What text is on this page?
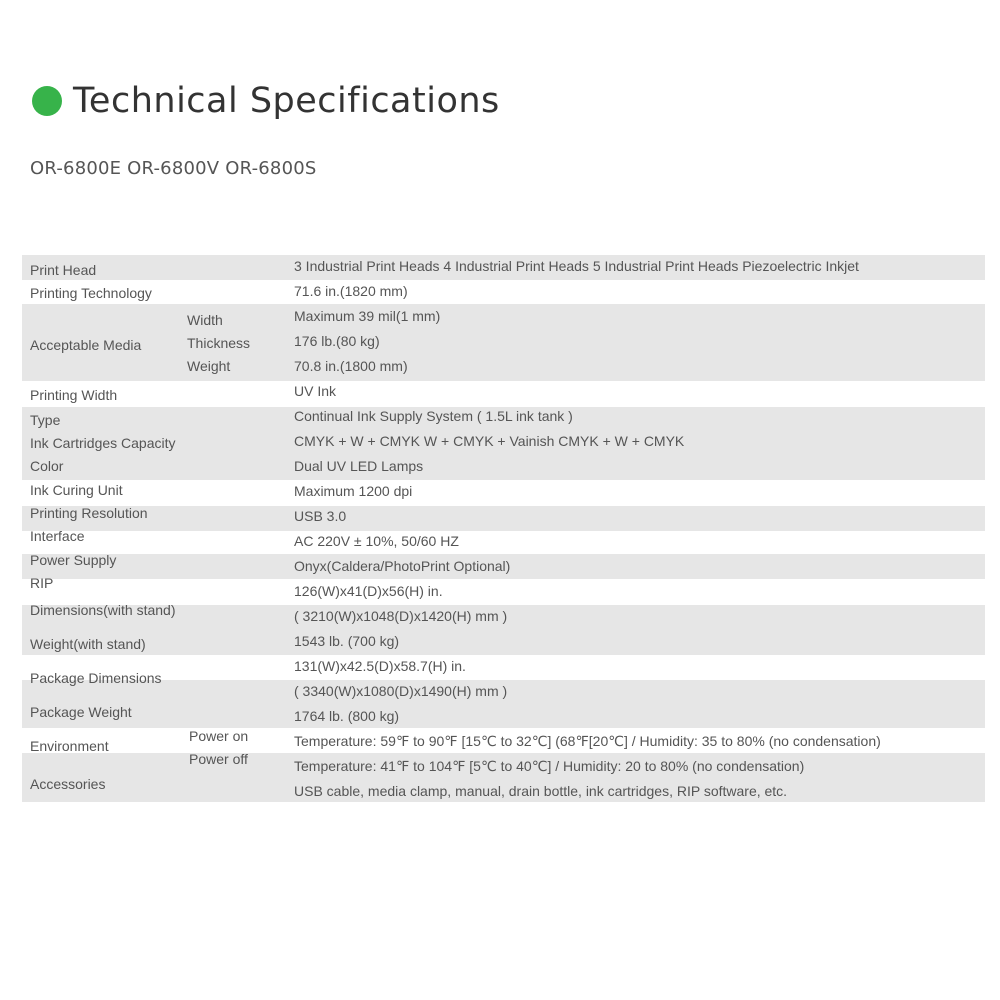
Technical Specifications

OR-6800E OR-6800V OR-6800S

Print Head
Printing Technology
Acceptable Media
Width
Thickness
Weight
Printing Width
Type
Ink Cartridges Capacity
Color
Ink Curing Unit
Printing Resolution
Interface
Power Supply
RIP
Dimensions(with stand)
Weight(with stand)
Package Dimensions
Package Weight
Environment
Power on
Power off
Accessories
3 Industrial Print Heads 4 Industrial Print Heads 5 Industrial Print Heads Piezoelectric Inkjet
71.6 in.(1820 mm)
Maximum 39 mil(1 mm)
176 lb.(80 kg)
70.8 in.(1800 mm)
UV Ink
Continual Ink Supply System ( 1.5L ink tank )
CMYK + W + CMYK W + CMYK + Vainish CMYK + W + CMYK
Dual UV LED Lamps
Maximum 1200 dpi
USB 3.0
AC 220V ± 10%, 50/60 HZ
Onyx(Caldera/PhotoPrint Optional)
126(W)x41(D)x56(H) in.
( 3210(W)x1048(D)x1420(H) mm )
1543 lb. (700 kg)
131(W)x42.5(D)x58.7(H) in.
( 3340(W)x1080(D)x1490(H) mm )
1764 lb. (800 kg)
Temperature: 59℉ to 90℉ [15℃ to 32℃] (68℉[20℃] / Humidity: 35 to 80% (no condensation)
Temperature: 41℉ to 104℉ [5℃ to 40℃] / Humidity: 20 to 80% (no condensation)
USB cable, media clamp, manual, drain bottle, ink cartridges, RIP software, etc.
